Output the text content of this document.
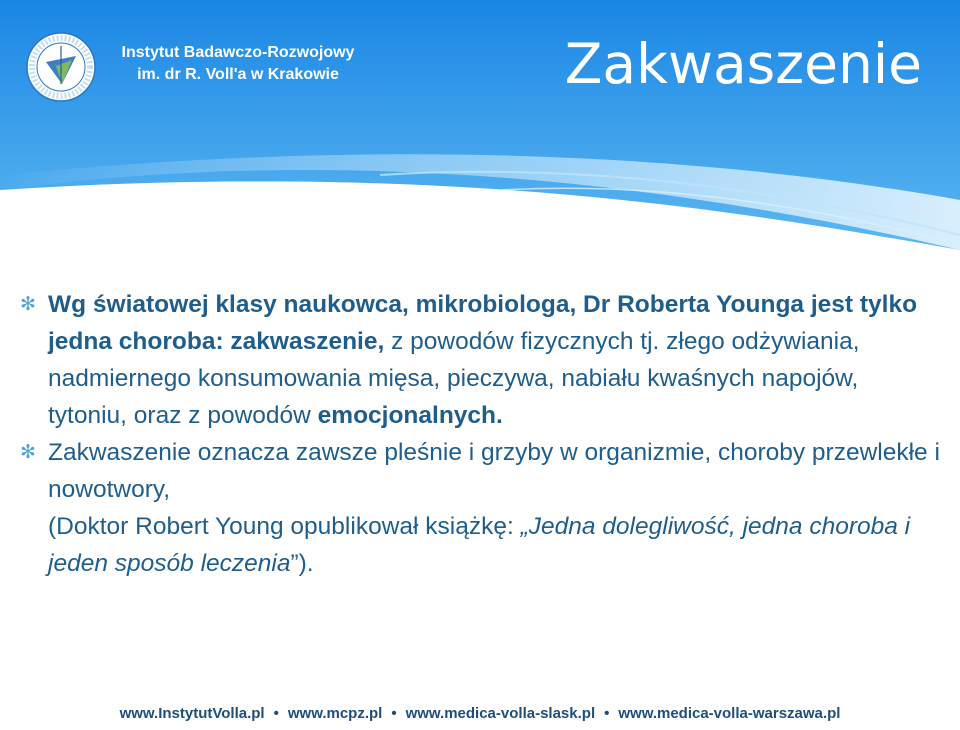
Instytut Badawczo-Rozwojowy
im. dr R. Voll'a w Krakowie	Zakwaszenie
✻ Wg światowej klasy naukowca, mikrobiologa, Dr Roberta Younga jest tylko jedna choroba: zakwaszenie, z powodów fizycznych tj. złego odżywiania, nadmiernego konsumowania mięsa, pieczywa, nabiału kwaśnych napojów, tytoniu, oraz z powodów emocjonalnych.
✻ Zakwaszenie oznacza zawsze pleśnie i grzyby w organizmie, choroby przewlekłe i nowotwory,
(Doktor Robert Young opublikował książkę: „Jedna dolegliwość, jedna choroba i jeden sposób leczenia”).
www.InstytutVolla.pl • www.mcpz.pl • www.medica-volla-slask.pl • www.medica-volla-warszawa.pl
